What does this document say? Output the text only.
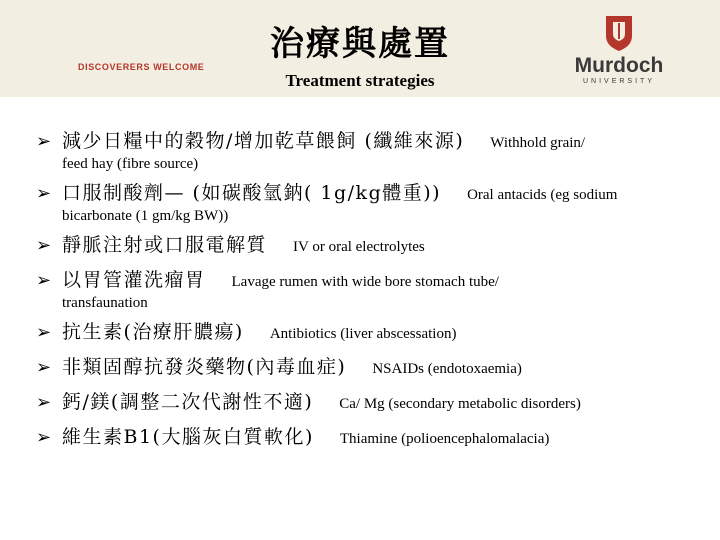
DISCOVERERS WELCOME
治療與處置
Treatment strategies
Murdoch
UNIVERSITY
➢ 減少日糧中的穀物/增加乾草餵飼 (纖維來源) Withhold grain/
feed hay (fibre source)
➢ 口服制酸劑— (如碳酸氫鈉( 1g/kg體重)) Oral antacids (eg sodium
bicarbonate (1 gm/kg BW))
➢ 靜脈注射或口服電解質 IV or oral electrolytes
➢ 以胃管灌洗瘤胃 Lavage rumen with wide bore stomach tube/
transfaunation
➢ 抗生素(治療肝膿瘍) Antibiotics (liver abscessation)
➢ 非類固醇抗發炎藥物(內毒血症) NSAIDs (endotoxaemia)
➢ 鈣/鎂(調整二次代謝性不適) Ca/ Mg (secondary metabolic disorders)
➢ 維生素B1(大腦灰白質軟化) Thiamine (polioencephalomalacia)
